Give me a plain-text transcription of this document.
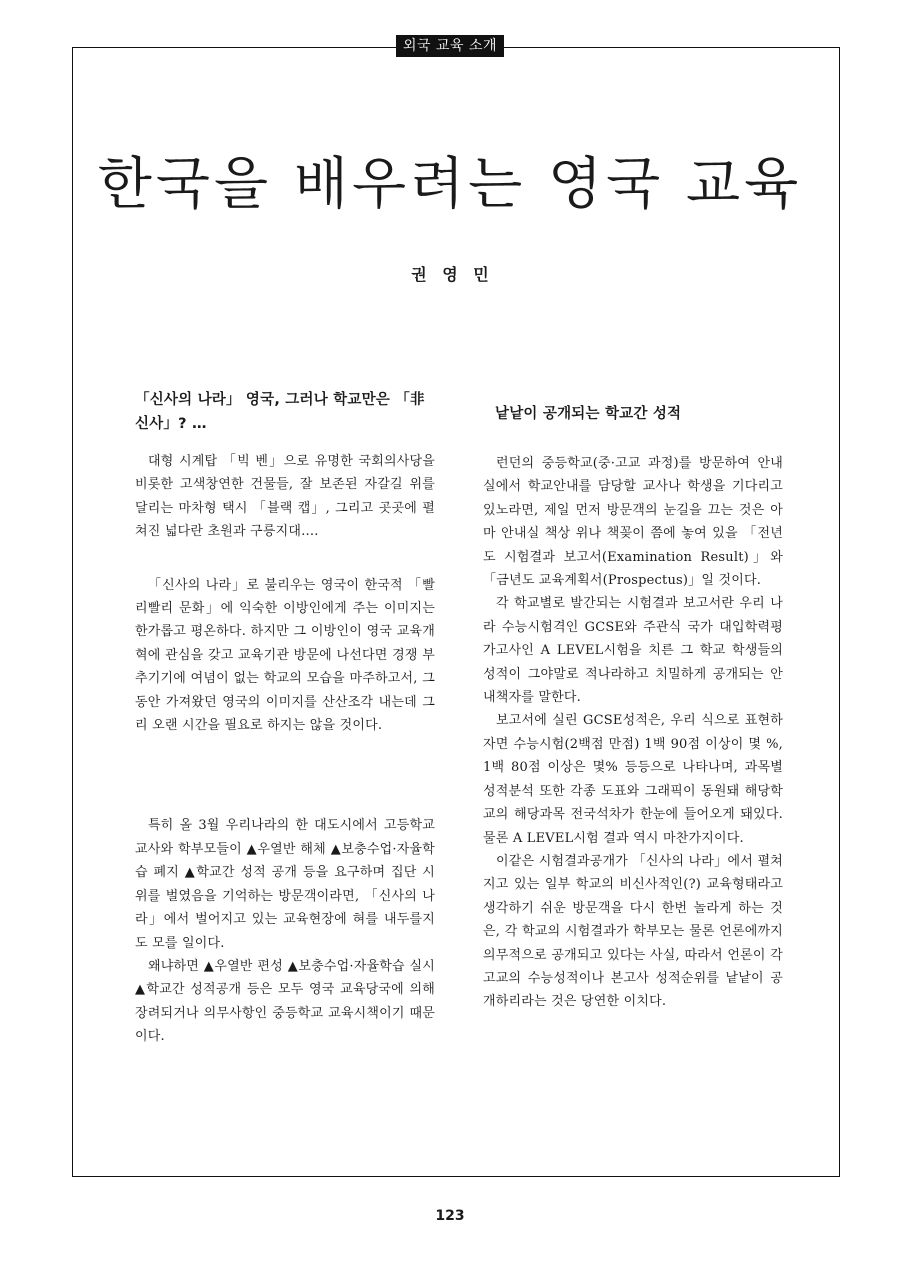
외국 교육 소개
한국을 배우려는 영국 교육
권 영 민
「신사의 나라」 영국, 그러나 학교만은 「非신사」? …

대형 시계탑 「빅 벤」으로 유명한 국회의사당을 비롯한 고색창연한 건물들, 잘 보존된 자갈길 위를 달리는 마차형 택시 「블랙 캡」, 그리고 곳곳에 펼쳐진 넓다란 초원과 구릉지대….

「신사의 나라」로 불리우는 영국이 한국적 「빨리빨리 문화」에 익숙한 이방인에게 주는 이미지는 한가롭고 평온하다. 하지만 그 이방인이 영국 교육개혁에 관심을 갖고 교육기관 방문에 나선다면 경쟁 부추기기에 여념이 없는 학교의 모습을 마주하고서, 그동안 가져왔던 영국의 이미지를 산산조각 내는데 그리 오랜 시간을 필요로 하지는 않을 것이다.

특히 올 3월 우리나라의 한 대도시에서 고등학교 교사와 학부모들이 ▲우열반 해체 ▲보충수업·자율학습 폐지 ▲학교간 성적 공개 등을 요구하며 집단 시위를 벌였음을 기억하는 방문객이라면, 「신사의 나라」에서 벌어지고 있는 교육현장에 혀를 내두를지도 모를 일이다.

왜냐하면 ▲우열반 편성 ▲보충수업·자율학습 실시 ▲학교간 성적공개 등은 모두 영국 교육당국에 의해 장려되거나 의무사항인 중등학교 교육시책이기 때문이다.

낱낱이 공개되는 학교간 성적

런던의 중등학교(중·고교 과정)를 방문하여 안내실에서 학교안내를 담당할 교사나 학생을 기다리고 있노라면, 제일 먼저 방문객의 눈길을 끄는 것은 아마 안내실 책상 위나 책꽂이 쯤에 놓여 있을 「전년도 시험결과 보고서(Examination Result)」와 「금년도 교육계획서(Prospectus)」일 것이다.

각 학교별로 발간되는 시험결과 보고서란 우리 나라 수능시험격인 GCSE와 주관식 국가 대입학력평가고사인 A LEVEL시험을 치른 그 학교 학생들의 성적이 그야말로 적나라하고 치밀하게 공개되는 안내책자를 말한다.

보고서에 실린 GCSE성적은, 우리 식으로 표현하자면 수능시험(2백점 만점) 1백 90점 이상이 몇 %, 1백 80점 이상은 몇% 등등으로 나타나며, 과목별 성적분석 또한 각종 도표와 그래픽이 동원돼 해당학교의 해당과목 전국석차가 한눈에 들어오게 돼있다. 물론 A LEVEL시험 결과 역시 마찬가지이다.

이같은 시험결과공개가 「신사의 나라」에서 펼쳐지고 있는 일부 학교의 비신사적인(?) 교육형태라고 생각하기 쉬운 방문객을 다시 한번 놀라게 하는 것은, 각 학교의 시험결과가 학부모는 물론 언론에까지 의무적으로 공개되고 있다는 사실, 따라서 언론이 각 고교의 수능성적이나 본고사 성적순위를 낱낱이 공개하리라는 것은 당연한 이치다.

123
